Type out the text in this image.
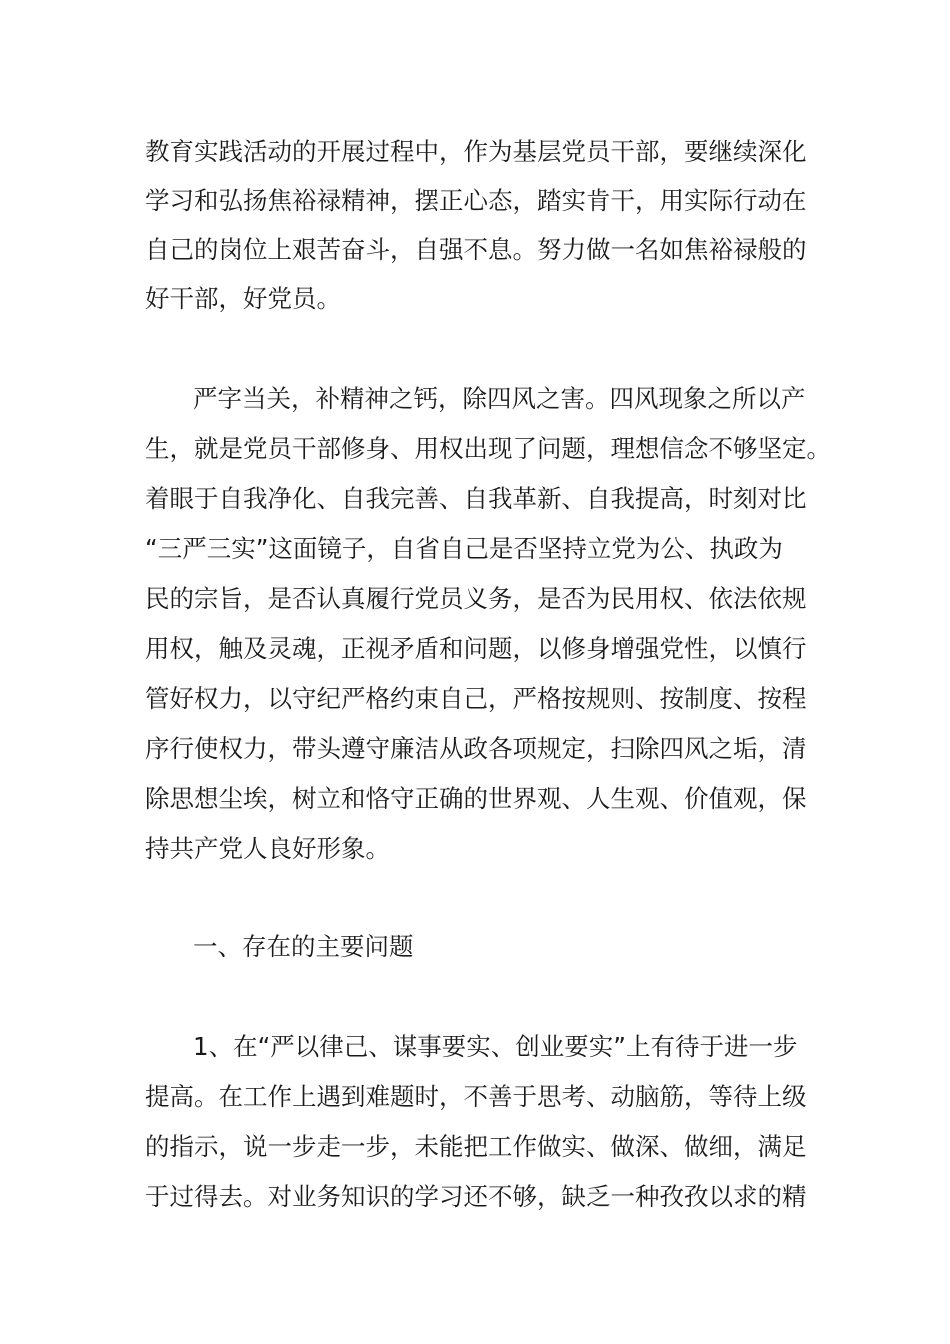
教育实践活动的开展过程中，作为基层党员干部，要继续深化

学习和弘扬焦裕禄精神，摆正心态，踏实肯干，用实际行动在

自己的岗位上艰苦奋斗，自强不息。努力做一名如焦裕禄般的

好干部，好党员。

严字当关，补精神之钙，除四风之害。四风现象之所以产

生，就是党员干部修身、用权出现了问题，理想信念不够坚定。

着眼于自我净化、自我完善、自我革新、自我提高，时刻对比

“三严三实”这面镜子，自省自己是否坚持立党为公、执政为

民的宗旨，是否认真履行党员义务，是否为民用权、依法依规

用权，触及灵魂，正视矛盾和问题，以修身增强党性，以慎行

管好权力，以守纪严格约束自己，严格按规则、按制度、按程

序行使权力，带头遵守廉洁从政各项规定，扫除四风之垢，清

除思想尘埃，树立和恪守正确的世界观、人生观、价值观，保

持共产党人良好形象。

一、存在的主要问题

1、在“严以律己、谋事要实、创业要实”上有待于进一步

提高。在工作上遇到难题时，不善于思考、动脑筋，等待上级

的指示，说一步走一步，未能把工作做实、做深、做细，满足

于过得去。对业务知识的学习还不够，缺乏一种孜孜以求的精
